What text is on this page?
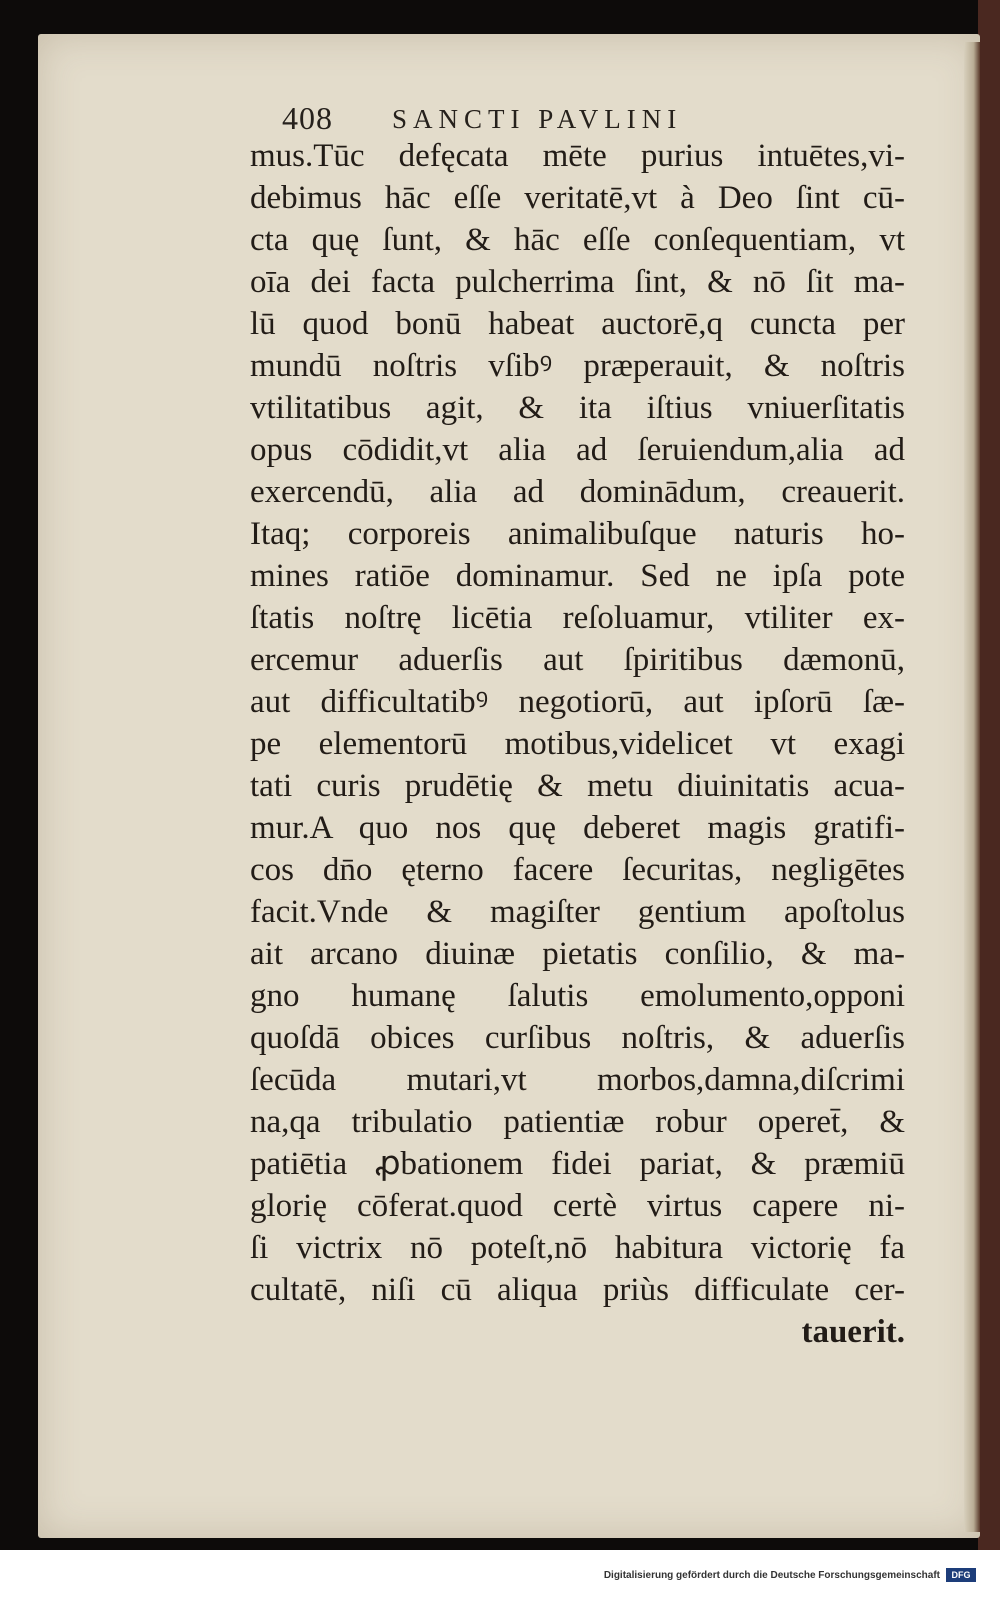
408 SANCTI PAVLINI
mus.Tūc defęcata mēte purius intuētes,vi-
debimus hāc eſſe veritatē,vt à Deo ſint cū-
cta quę ſunt, & hāc eſſe conſequentiam, vt
oīa dei facta pulcherrima ſint, & nō ſit ma-
lū quod bonū habeat auctorē,q cuncta per
mundū noſtris vſibꝰ præperauit, & noſtris
vtilitatibus agit, & ita iſtius vniuerſitatis
opus cōdidit,vt alia ad ſeruiendum,alia ad
exercendū, alia ad dominādum, creauerit.
Itaq; corporeis animalibuſque naturis ho-
mines ratiōe dominamur. Sed ne ipſa pote
ſtatis noſtrę licētia reſoluamur, vtiliter ex-
ercemur aduerſis aut ſpiritibus dæmonū,
aut difficultatibꝰ negotiorū, aut ipſorū ſæ-
pe elementorū motibus,videlicet vt exagi
tati curis prudētię & metu diuinitatis acua-
mur.A quo nos quę deberet magis gratifi-
cos dn̄o ęterno facere ſecuritas, negligētes
facit.Vnde & magiſter gentium apoſtolus
ait arcano diuinæ pietatis conſilio, & ma-
gno humanę ſalutis emolumento,opponi
quoſdā obices curſibus noſtris, & aduerſis
ſecūda mutari,vt morbos,damna,diſcrimi
na,qa tribulatio patientiæ robur operet̄, &
patiētia ꝓbationem fidei pariat, & præmiū
glorię cōferat.quod certè virtus capere ni-
ſi victrix nō poteſt,nō habitura victorię fa
cultatē, niſi cū aliqua priùs difficulate cer-
tauerit.
Digitalisierung gefördert durch die Deutsche Forschungsgemeinschaft	DFG
